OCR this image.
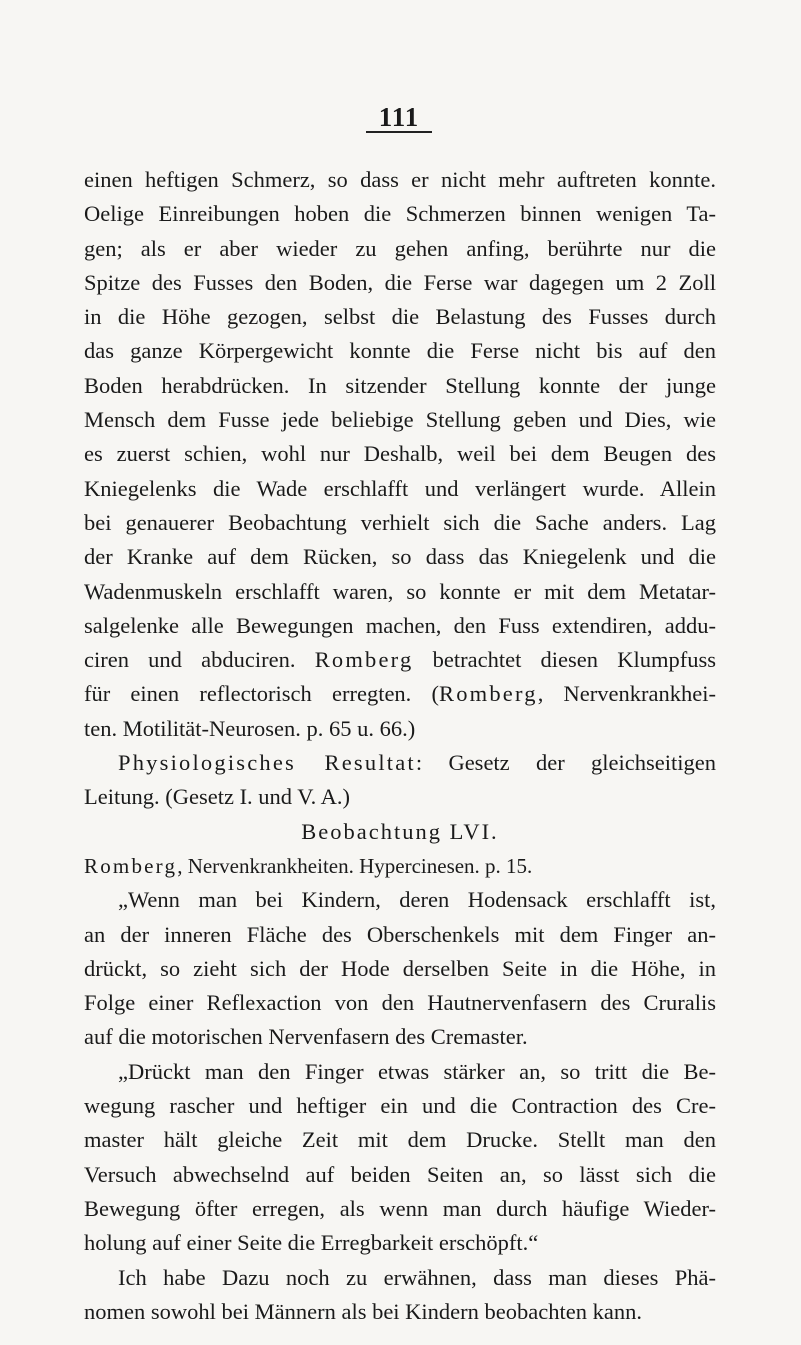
111
einen heftigen Schmerz, so dass er nicht mehr auftreten konnte.
Oelige Einreibungen hoben die Schmerzen binnen wenigen Ta-
gen; als er aber wieder zu gehen anfing, berührte nur die
Spitze des Fusses den Boden, die Ferse war dagegen um 2 Zoll
in die Höhe gezogen, selbst die Belastung des Fusses durch
das ganze Körpergewicht konnte die Ferse nicht bis auf den
Boden herabdrücken. In sitzender Stellung konnte der junge
Mensch dem Fusse jede beliebige Stellung geben und Dies, wie
es zuerst schien, wohl nur Deshalb, weil bei dem Beugen des
Kniegelenks die Wade erschlafft und verlängert wurde. Allein
bei genauerer Beobachtung verhielt sich die Sache anders. Lag
der Kranke auf dem Rücken, so dass das Kniegelenk und die
Wadenmuskeln erschlafft waren, so konnte er mit dem Metatar-
salgelenke alle Bewegungen machen, den Fuss extendiren, addu-
ciren und abduciren. Romberg betrachtet diesen Klumpfuss
für einen reflectorisch erregten. (Romberg, Nervenkrankhei-
ten. Motilität-Neurosen. p. 65 u. 66.)
Physiologisches Resultat: Gesetz der gleichseitigen
Leitung. (Gesetz I. und V. A.)
Beobachtung LVI.
Romberg, Nervenkrankheiten. Hypercinesen. p. 15.
„Wenn man bei Kindern, deren Hodensack erschlafft ist,
an der inneren Fläche des Oberschenkels mit dem Finger an-
drückt, so zieht sich der Hode derselben Seite in die Höhe, in
Folge einer Reflexaction von den Hautnervenfasern des Cruralis
auf die motorischen Nervenfasern des Cremaster.
„Drückt man den Finger etwas stärker an, so tritt die Be-
wegung rascher und heftiger ein und die Contraction des Cre-
master hält gleiche Zeit mit dem Drucke. Stellt man den
Versuch abwechselnd auf beiden Seiten an, so lässt sich die
Bewegung öfter erregen, als wenn man durch häufige Wieder-
holung auf einer Seite die Erregbarkeit erschöpft.“
Ich habe Dazu noch zu erwähnen, dass man dieses Phä-
nomen sowohl bei Männern als bei Kindern beobachten kann.
